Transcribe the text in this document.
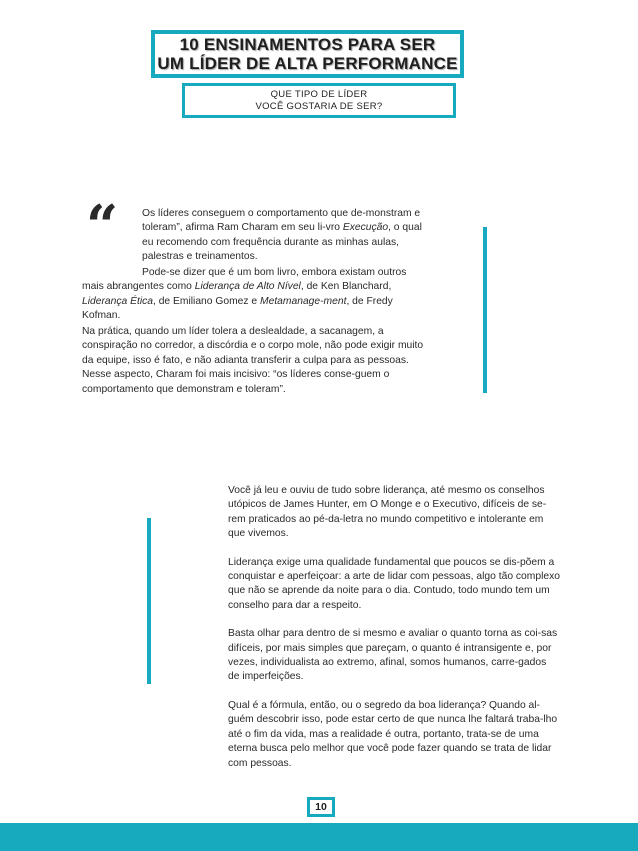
10 ENSINAMENTOS PARA SER
UM LÍDER DE ALTA PERFORMANCE
QUE TIPO DE LÍDER
VOCÊ GOSTARIA DE SER?
“ Os líderes conseguem o comportamento que de-monstram e toleram”, afirma Ram Charam em seu li-vro Execução, o qual eu recomendo com frequência durante as minhas aulas, palestras e treinamentos.

Pode-se dizer que é um bom livro, embora existam outros mais abrangentes como Liderança de Alto Nível, de Ken Blanchard, Liderança Ética, de Emiliano Gomez e Metamanage-ment, de Fredy Kofman.

Na prática, quando um líder tolera a deslealdade, a sacanagem, a conspiração no corredor, a discórdia e o corpo mole, não pode exigir muito da equipe, isso é fato, e não adianta transferir a culpa para as pessoas. Nesse aspecto, Charam foi mais incisivo: “os líderes conse-guem o comportamento que demonstram e toleram”.

Você já leu e ouviu de tudo sobre liderança, até mesmo os conselhos utópicos de James Hunter, em O Monge e o Executivo, difíceis de se-rem praticados ao pé-da-letra no mundo competitivo e intolerante em que vivemos.

Liderança exige uma qualidade fundamental que poucos se dis-põem a conquistar e aperfeiçoar: a arte de lidar com pessoas, algo tão complexo que não se aprende da noite para o dia. Contudo, todo mundo tem um conselho para dar a respeito.

Basta olhar para dentro de si mesmo e avaliar o quanto torna as coi-sas difíceis, por mais simples que pareçam, o quanto é intransigente e, por vezes, individualista ao extremo, afinal, somos humanos, carre-gados de imperfeições.

Qual é a fórmula, então, ou o segredo da boa liderança? Quando al-guém descobrir isso, pode estar certo de que nunca lhe faltará traba-lho até o fim da vida, mas a realidade é outra, portanto, trata-se de uma eterna busca pelo melhor que você pode fazer quando se trata de lidar com pessoas.

10
